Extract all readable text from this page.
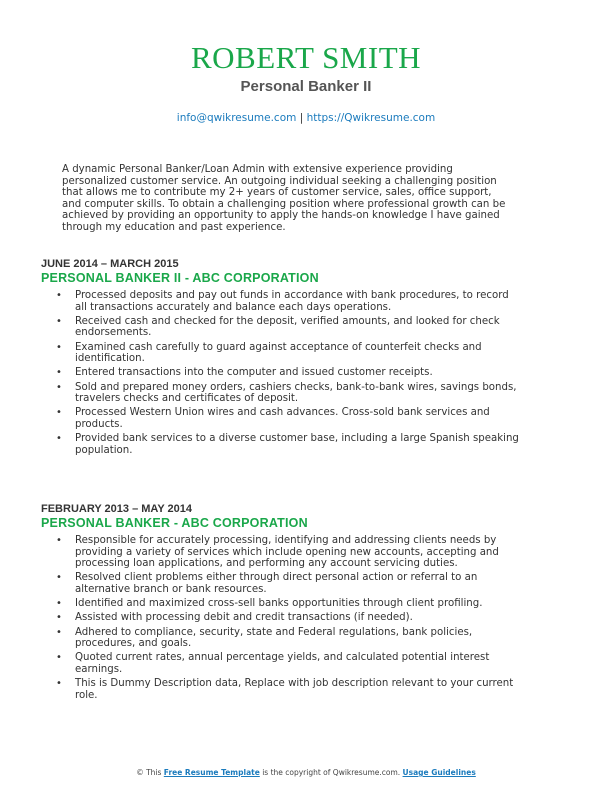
ROBERT SMITH
Personal Banker II
info@qwikresume.com | https://Qwikresume.com
A dynamic Personal Banker/Loan Admin with extensive experience providing personalized customer service. An outgoing individual seeking a challenging position that allows me to contribute my 2+ years of customer service, sales, office support, and computer skills. To obtain a challenging position where professional growth can be achieved by providing an opportunity to apply the hands-on knowledge I have gained through my education and past experience.
JUNE 2014 – MARCH 2015
PERSONAL BANKER II - ABC CORPORATION
• Processed deposits and pay out funds in accordance with bank procedures, to record all transactions accurately and balance each days operations.
• Received cash and checked for the deposit, verified amounts, and looked for check endorsements.
• Examined cash carefully to guard against acceptance of counterfeit checks and identification.
• Entered transactions into the computer and issued customer receipts.
• Sold and prepared money orders, cashiers checks, bank-to-bank wires, savings bonds, travelers checks and certificates of deposit.
• Processed Western Union wires and cash advances. Cross-sold bank services and products.
• Provided bank services to a diverse customer base, including a large Spanish speaking population.
FEBRUARY 2013 – MAY 2014
PERSONAL BANKER - ABC CORPORATION
• Responsible for accurately processing, identifying and addressing clients needs by providing a variety of services which include opening new accounts, accepting and processing loan applications, and performing any account servicing duties.
• Resolved client problems either through direct personal action or referral to an alternative branch or bank resources.
• Identified and maximized cross-sell banks opportunities through client profiling.
• Assisted with processing debit and credit transactions (if needed).
• Adhered to compliance, security, state and Federal regulations, bank policies, procedures, and goals.
• Quoted current rates, annual percentage yields, and calculated potential interest earnings.
• This is Dummy Description data, Replace with job description relevant to your current role.
© This Free Resume Template is the copyright of Qwikresume.com. Usage Guidelines
